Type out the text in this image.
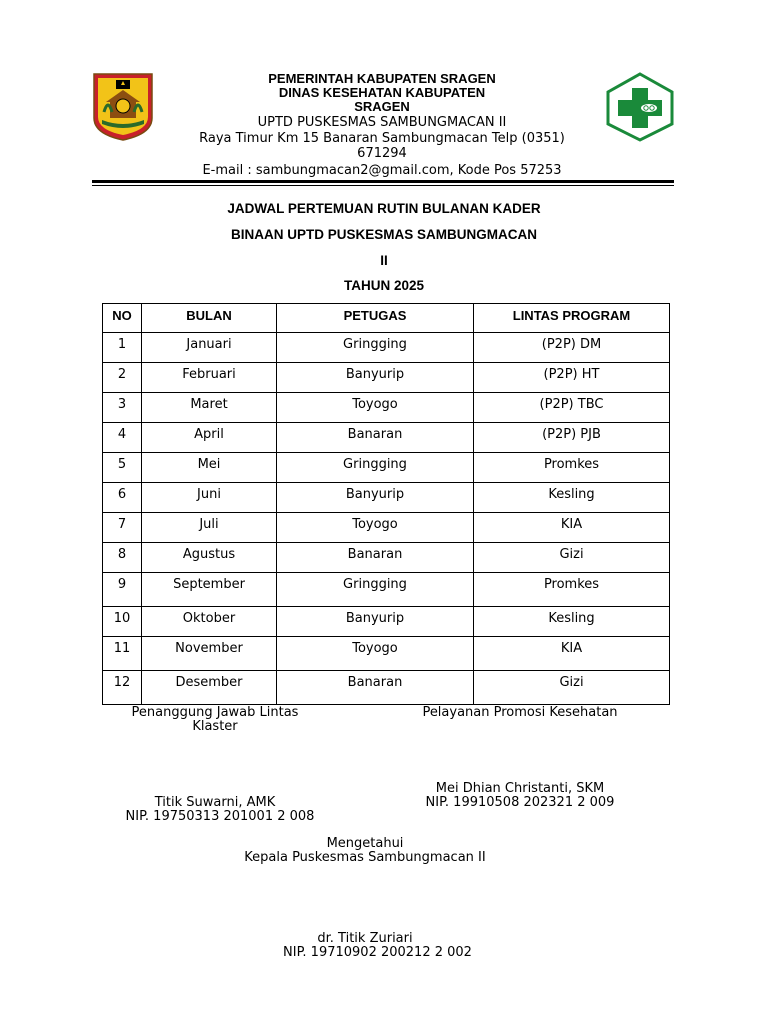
PEMERINTAH KABUPATEN SRAGEN
DINAS KESEHATAN KABUPATEN
SRAGEN
UPTD PUSKESMAS SAMBUNGMACAN II
Raya Timur Km 15 Banaran Sambungmacan Telp (0351)
671294
E-mail : sambungmacan2@gmail.com, Kode Pos 57253
JADWAL PERTEMUAN RUTIN BULANAN KADER
BINAAN UPTD PUSKESMAS SAMBUNGMACAN
II
TAHUN 2025
NO	BULAN	PETUGAS	LINTAS PROGRAM
1	Januari	Gringging	(P2P) DM
2	Februari	Banyurip	(P2P) HT
3	Maret	Toyogo	(P2P) TBC
4	April	Banaran	(P2P) PJB
5	Mei	Gringging	Promkes
6	Juni	Banyurip	Kesling
7	Juli	Toyogo	KIA
8	Agustus	Banaran	Gizi
9	September	Gringging	Promkes
10	Oktober	Banyurip	Kesling
11	November	Toyogo	KIA
12	Desember	Banaran	Gizi
Penanggung Jawab Lintas
Klaster
Pelayanan Promosi Kesehatan
Mei Dhian Christanti, SKM
Titik Suwarni, AMK	NIP. 19910508 202321 2 009
NIP. 19750313 201001 2 008
Mengetahui
Kepala Puskesmas Sambungmacan II
dr. Titik Zuriari
NIP. 19710902 200212 2 002
